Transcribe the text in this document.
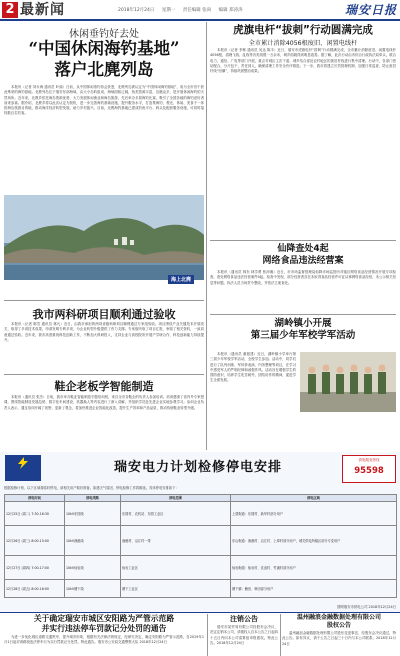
2 最新闻	2018年12月24日 星期一 责任编辑 张尚 编辑 郑涛涛	瑞安日报
休闲垂钓好去处
“中国休闲海钓基地”
落户北麂列岛

本报讯（记者 刘永海 通讯员 叶丽）日前，从中国休闲垂钓协会获悉，北麂列岛被认定为“中国休闲海钓基地”，成为全市首个获此殊荣的海钓基地。北麂列岛位于瑞安东部海域，由大小岛屿组成，海域面积辽阔，鱼类资源丰富，岛礁众多，是开展休闲海钓的天然场所。近年来，北麂乡依托海岛资源优势，大力发展休闲渔业和海岛旅游，先后举办多届海钓比赛，吸引了全国各地的海钓爱好者前来参赛。据介绍，北麂乡将以此次认定为契机，进一步完善海钓基础设施，提升服务水平，打造集海钓、观光、休闲、美食于一体的海岛旅游目的地，推动海洋经济转型发展，助力乡村振兴。目前，北麂海钓基地已建成钓鱼平台、码头及配套服务设施，可同时接待数百名钓客。

海上北麂
我市两科研项目顺利通过验收

本报讯（记者 陈雪 通讯员 林凡）近日，由我市承担的两项省级科研项目顺利通过专家组验收。项目围绕产业关键技术开展攻关，取得了多项技术成果，申请发明专利多项，为企业转型升级提供了有力支撑。专家组听取了项目汇报，审阅了相关资料，一致同意通过验收。近年来，我市高度重视科技创新工作，不断加大科研投入，支持企业与高校院所开展产学研合作，科技创新能力持续提升。

鞋企老板学智能制造

本报讯（通讯员 张杰）日前，我市举办鞋业智能制造专题培训班，来自全市各鞋企的负责人参加培训。培训邀请了省内外专家授课，围绕智能制造发展趋势、数字化车间建设、机器换人等内容进行了深入讲解，并组织学员赴先进企业实地参观学习。参训企业负责人表示，通过培训开阔了视野，更新了观念，将加快推进企业智能化改造，提升生产效率和产品品质，推动传统鞋业转型升级。

虎旗电杆“拔刺”行动圆满完成
全市累计消除4056根废旧、闲置电线杆

本报讯（记者 李林 通讯员 吴达 陈丰）近日，瑞安市虎旗电杆“拔刺”行动圆满完成，全市累计消除废旧、闲置电线杆4056根，清理飞线、乱线等各类线缆一万余米，城乡面貌得到明显改善。据了解，此次行动由市综合行政执法局牵头，联合电力、通信、广电等部门开展，重点对城区主次干道、城乡结合部及农村地区的废旧杆线进行集中清理。行动中，各部门密切配合，分片包干，责任到人，确保清理工作安全有序推进。下一步，我市将建立长效管理机制，加强日常巡查，防止废旧杆线“回潮”，持续巩固整治成果。

仙降查处4起
网络食品违法经营案

本报讯（通讯员 林东 林学勇 张沛湘）近日，市市场监督管理局仙降市场监管所对辖区网络食品经营情况开展专项检查，查处网络食品违法经营案件4起。检查中发现，部分经营者存在未取得食品经营许可证从事网络食品经营、未公示相关信息等问题。执法人员当场责令整改，并依法立案查处。

湖岭镇小开展
第三届少年军校学军活动

本报讯（通讯员 谢振建）近日，湖岭镇小学举行第三届少年军校学军活动，全校学生参加。活动中，同学们进行了队列训练、军体拳表演、内务整理等项目，在学习中感受军人的严明纪律和顽强作风。活动旨在增强学生的国防意识，培养学生吃苦耐劳、团结协作的精神，促进学生全面发展。

瑞安电力计划检修停电安排	供电服务热线
95598
根据检修计划，以下区域将临时停电，请相关用户做好准备。如遇天气原因，停电检修工作将顺延。具体停电安排如下：
停电时间	停电线路	停电范围	停电区域
12月25日 (周二) 7:30-16:30	10kV东园线	东园村、农机站、东园工业区	上望街道：东园村、新华村部分用户
12月26日 (周三) 8:00-15:00	10kV渔港线	渔港村、沿江村一带	东山街道：渔港村、沿江村、上埠村部分用户，城关供电所辖区部分专变用户
12月27日 (周四) 7:00-17:00	10kV仙岩线	仙岩工业区	仙岩街道：仙岩村、沈岙村、竹溪村部分用户
12月28日 (周五) 8:00-16:00	10kV塘下线	塘下工业区	塘下镇：鲍田、韩田部分用户
国网瑞安市供电公司 2018年12月24日
关于确定瑞安市城区安阳路为严管示范路
并实行违法停车罚款记分处罚的通告

为进一步优化城区道路交通秩序，提升城市形象，根据有关法律法规规定，经研究决定，确定安阳路为严管示范路，自2019年1月1日起对该路段违法停车行为实行罚款记分处罚。特此通告。瑞安市公安局交通警察大队 2018年12月24日

注销公告

瑞安市某贸易有限公司经股东会决议，决定注销本公司，请债权人自本公告之日起四十五日内向本公司清算组申报债权。特此公告。2018年12月24日

温州融浪金融数据处理有限公司
股权公告

温州融浪金融数据处理有限公司股东变更事宜，经股东会决议通过，特此公告。如有异议，请于公告之日起三十日内与本公司联系。2018年12月24日
